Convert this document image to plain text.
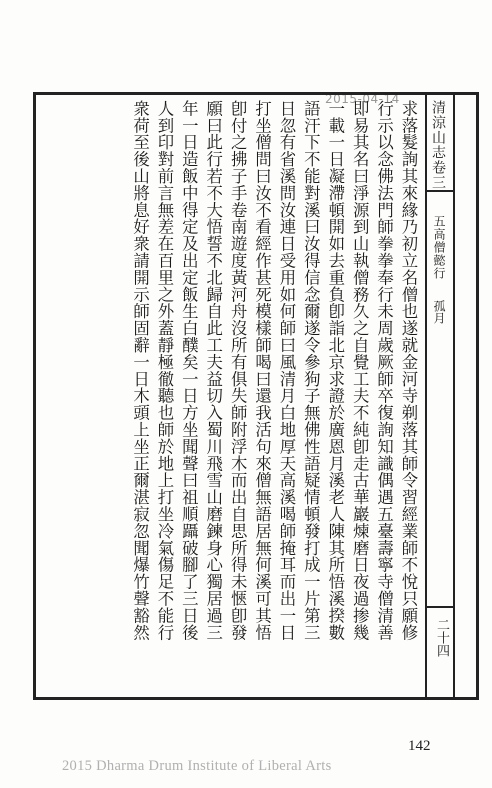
2015-04-14
清涼山志卷三
五高僧懿行
孤月
二十四
求落髮詢其來緣乃初立名僧也遂就金河寺剃落其師令習經業師不悅只願修
行示以念佛法門師拳拳奉行未周歲厥師卒復詢知識偶遇五臺壽寧寺僧清善
即易其名曰淨源到山執僧務久之自覺工夫不純卽走古華巖煉磨日夜過掺幾
一載一日凝滯頓開如去重負卽詣北京求證於廣恩月溪老人陳其所悟溪揆數
語汗下不能對溪曰汝得信念爾遂令參狗子無佛性語疑情頓發打成一片第三
日忽有省溪問汝連日受用如何師曰風清月白地厚天高溪喝師掩耳而出一日
打坐僧問曰汝不看經作甚死模樣師喝曰還我活句來僧無語居無何溪可其悟
卽付之拂子手卷南遊度黃河舟沒所有俱失師附浮木而出自思所得未愜卽發
願曰此行若不大悟誓不北歸自此工夫益切入蜀川飛雪山磨鍊身心獨居過三
年一日造飯中得定及出定飯生白醭矣一日方坐聞聲曰祖順躡破腳了三日後
人到印對前言無差在百里之外蓋靜極徹聽也師於地上打坐冷氣傷足不能行
衆荷至後山將息好衆請開示師固辭一日木頭上坐正爾湛寂忽聞爆竹聲豁然
142
2015 Dharma Drum Institute of Liberal Arts
